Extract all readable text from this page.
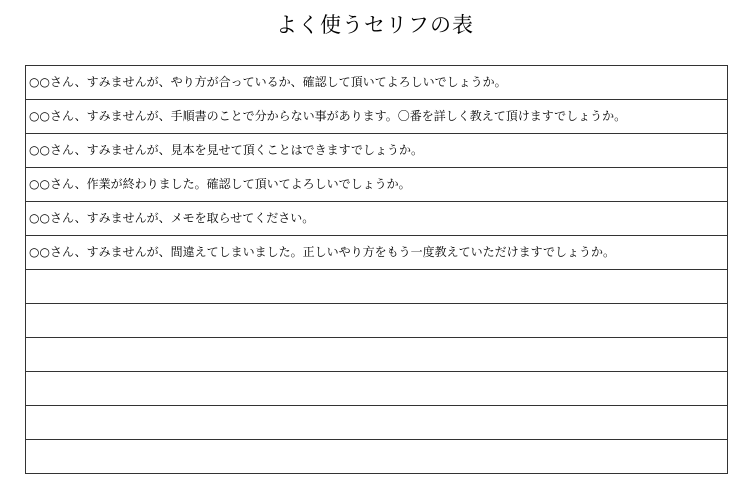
よく使うセリフの表
○○さん、すみませんが、やり方が合っているか、確認して頂いてよろしいでしょうか。
○○さん、すみませんが、手順書のことで分からない事があります。〇番を詳しく教えて頂けますでしょうか。
○○さん、すみませんが、見本を見せて頂くことはできますでしょうか。
○○さん、作業が終わりました。確認して頂いてよろしいでしょうか。
○○さん、すみませんが、メモを取らせてください。
○○さん、すみませんが、間違えてしまいました。正しいやり方をもう一度教えていただけますでしょうか。
